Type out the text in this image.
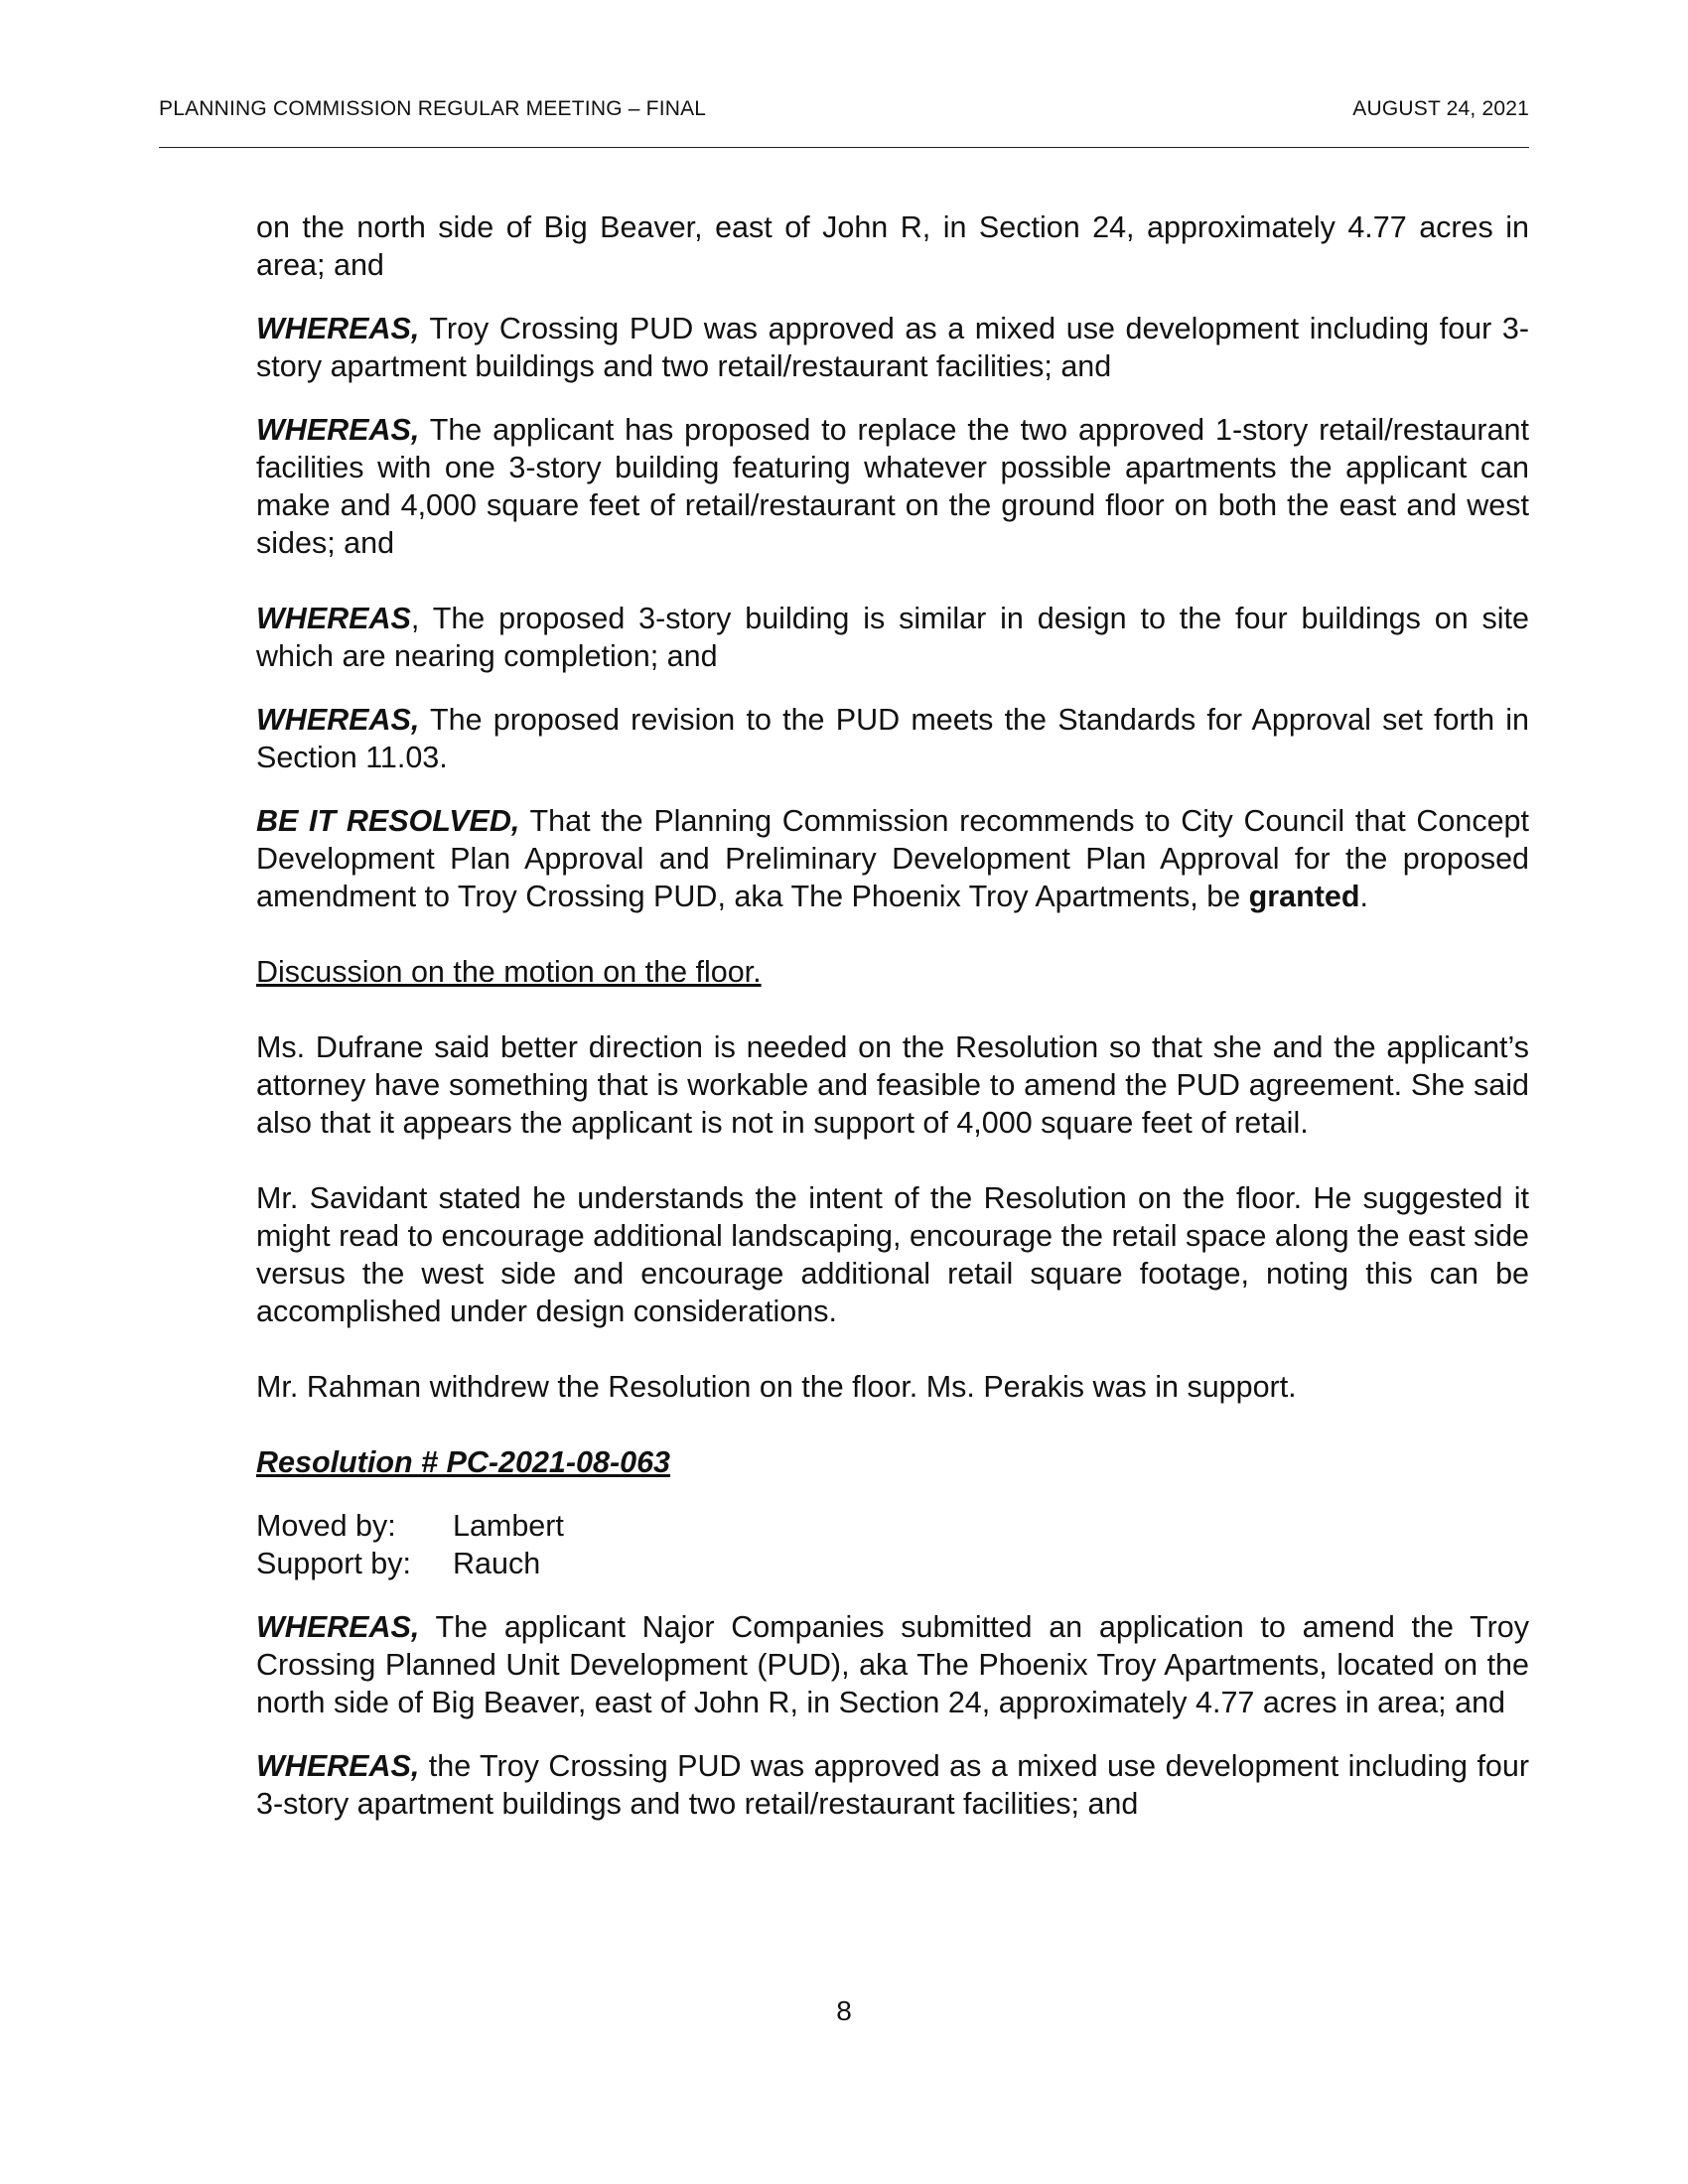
PLANNING COMMISSION REGULAR MEETING – FINAL	AUGUST 24, 2021

on the north side of Big Beaver, east of John R, in Section 24, approximately 4.77 acres in area; and

WHEREAS, Troy Crossing PUD was approved as a mixed use development including four 3-story apartment buildings and two retail/restaurant facilities; and

WHEREAS, The applicant has proposed to replace the two approved 1-story retail/restaurant facilities with one 3-story building featuring whatever possible apartments the applicant can make and 4,000 square feet of retail/restaurant on the ground floor on both the east and west sides; and

WHEREAS, The proposed 3-story building is similar in design to the four buildings on site which are nearing completion; and

WHEREAS, The proposed revision to the PUD meets the Standards for Approval set forth in Section 11.03.

BE IT RESOLVED, That the Planning Commission recommends to City Council that Concept Development Plan Approval and Preliminary Development Plan Approval for the proposed amendment to Troy Crossing PUD, aka The Phoenix Troy Apartments, be granted.

Discussion on the motion on the floor.

Ms. Dufrane said better direction is needed on the Resolution so that she and the applicant’s attorney have something that is workable and feasible to amend the PUD agreement. She said also that it appears the applicant is not in support of 4,000 square feet of retail.

Mr. Savidant stated he understands the intent of the Resolution on the floor. He suggested it might read to encourage additional landscaping, encourage the retail space along the east side versus the west side and encourage additional retail square footage, noting this can be accomplished under design considerations.

Mr. Rahman withdrew the Resolution on the floor. Ms. Perakis was in support.

Resolution # PC-2021-08-063

Moved by:	Lambert
Support by:	Rauch

WHEREAS, The applicant Najor Companies submitted an application to amend the Troy Crossing Planned Unit Development (PUD), aka The Phoenix Troy Apartments, located on the north side of Big Beaver, east of John R, in Section 24, approximately 4.77 acres in area; and

WHEREAS, the Troy Crossing PUD was approved as a mixed use development including four 3-story apartment buildings and two retail/restaurant facilities; and

8
